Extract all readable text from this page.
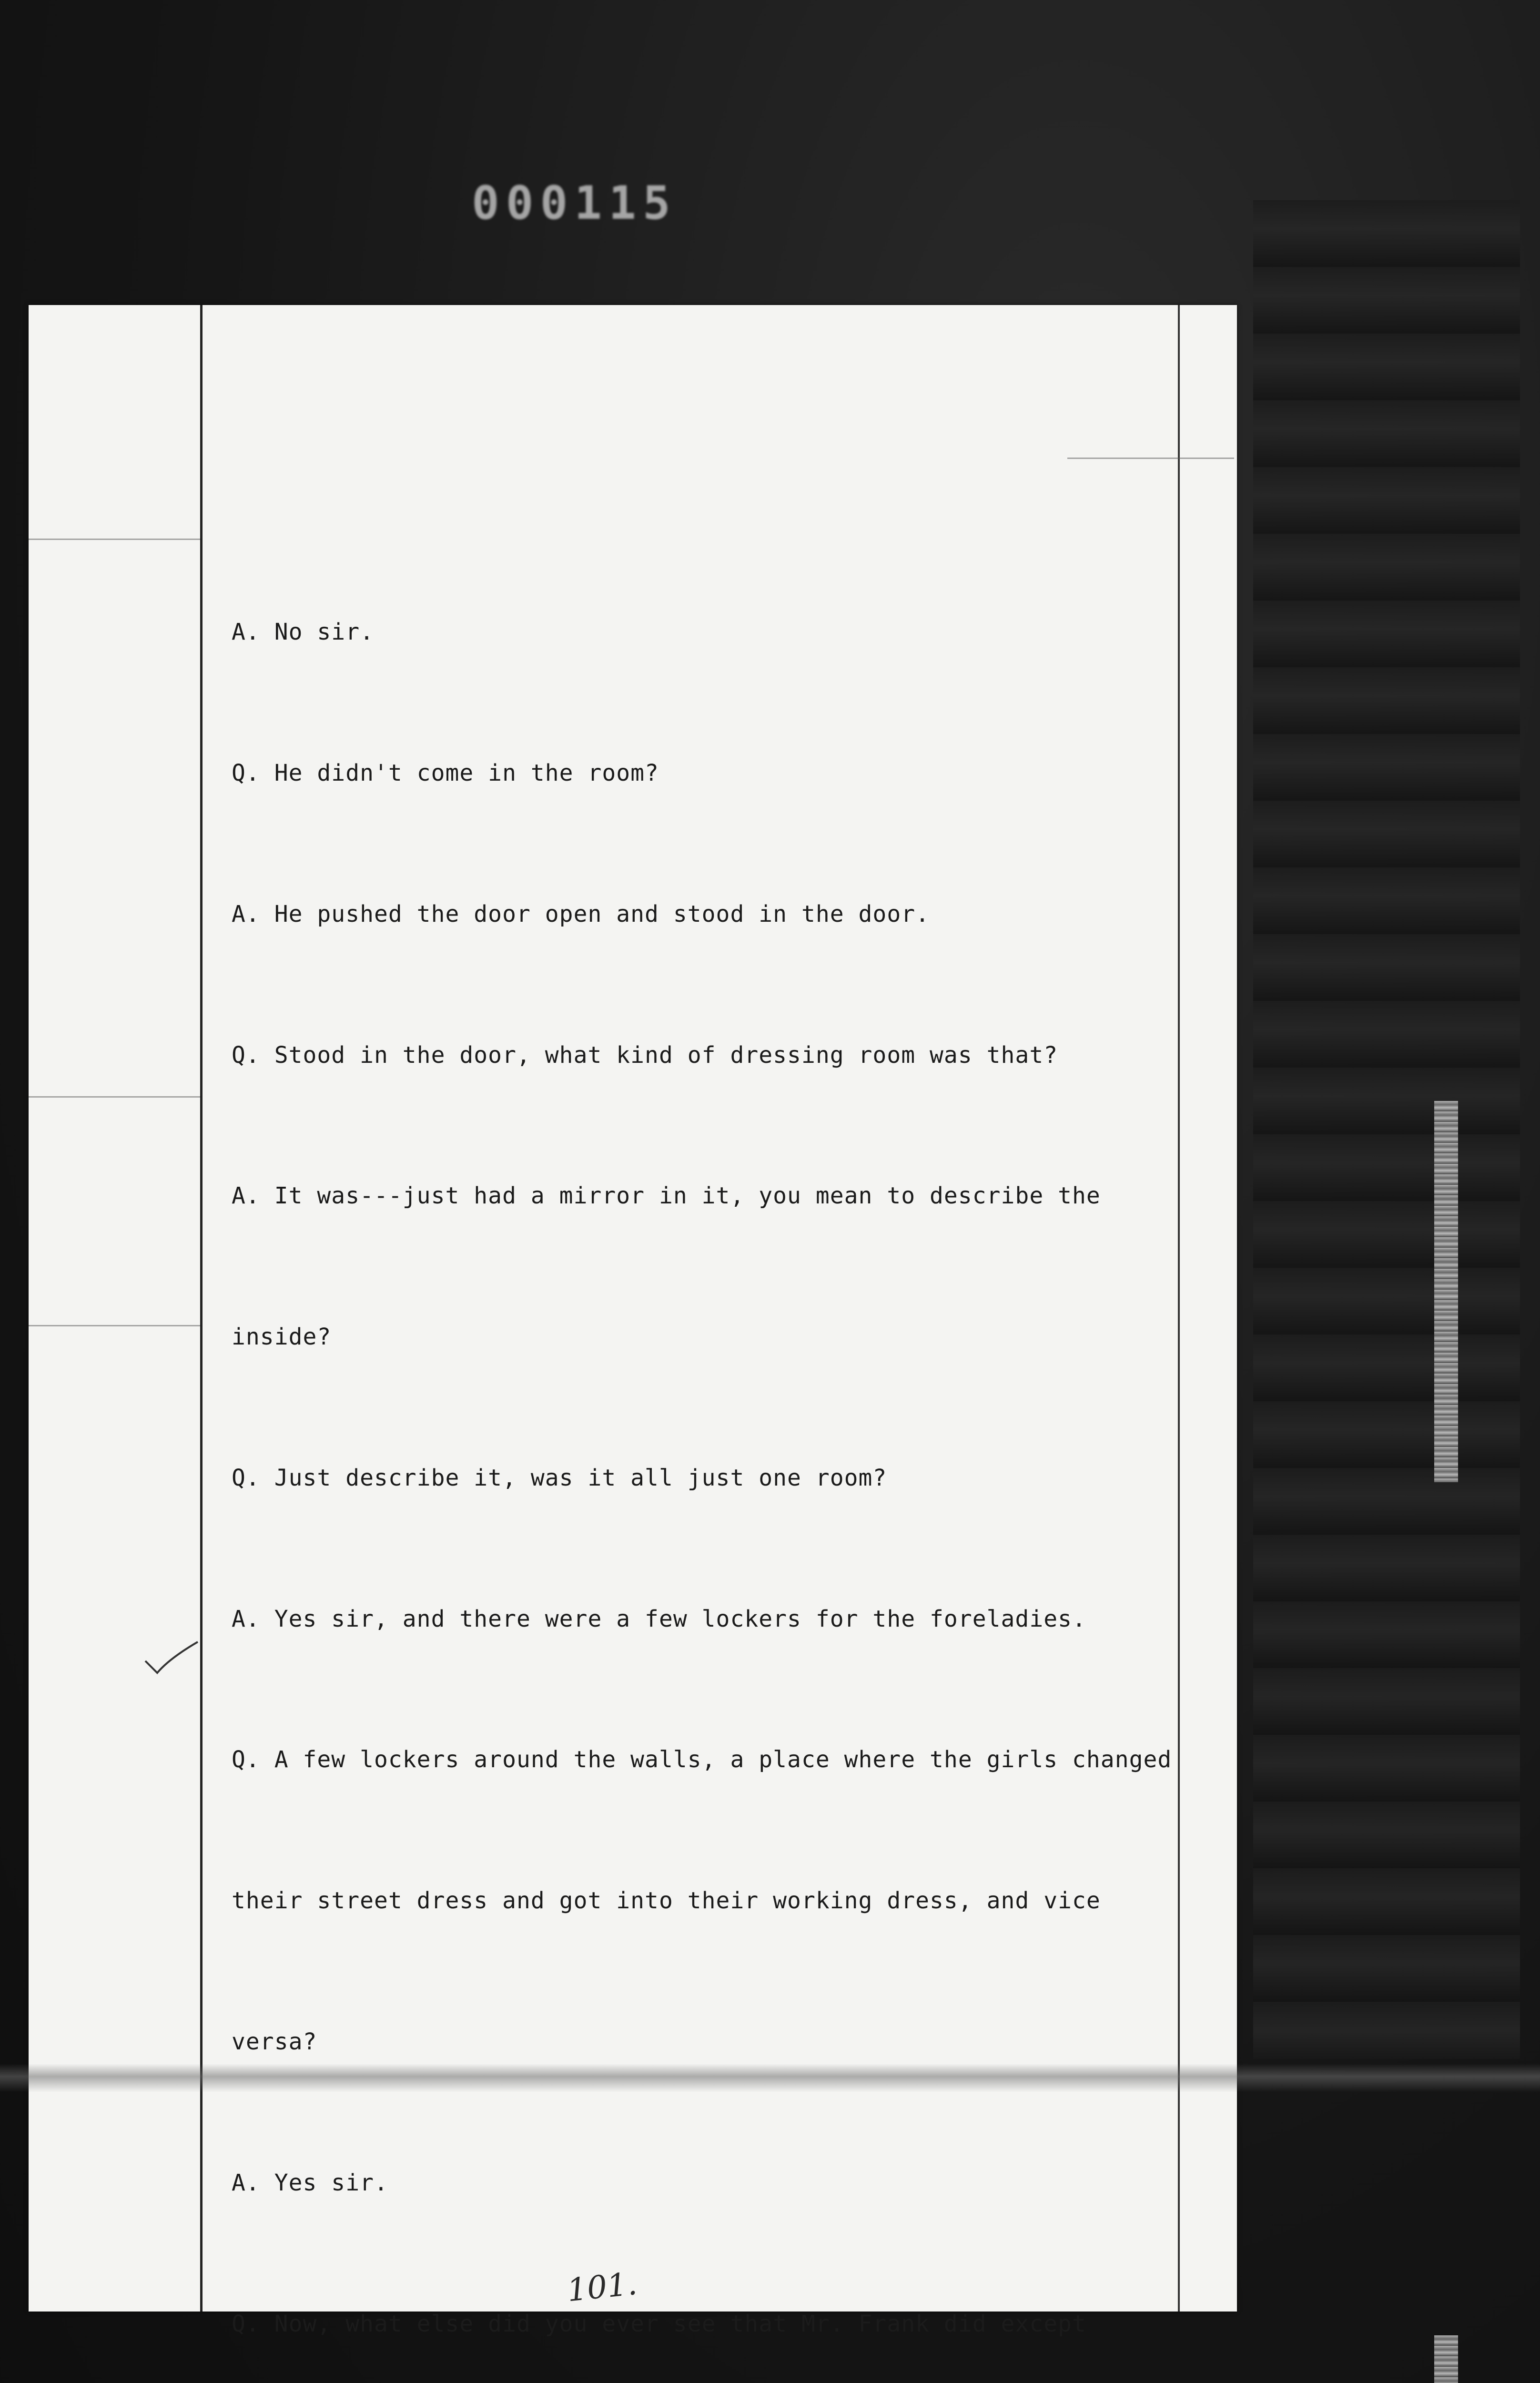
000115

A. No sir.

Q. He didn't come in the room?

A. He pushed the door open and stood in the door.

Q. Stood in the door, what kind of dressing room was that?

A. It was---just had a mirror in it, you mean to describe the

inside?

Q. Just describe it, was it all just one room?

A. Yes sir, and there were a few lockers for the foreladies.

Q. A few lockers around the walls, a place where the girls changed

their street dress and got into their working dress, and vice

versa?

A. Yes sir.

Q. Now, what else did you ever see that Mr. Frank did except

101.
